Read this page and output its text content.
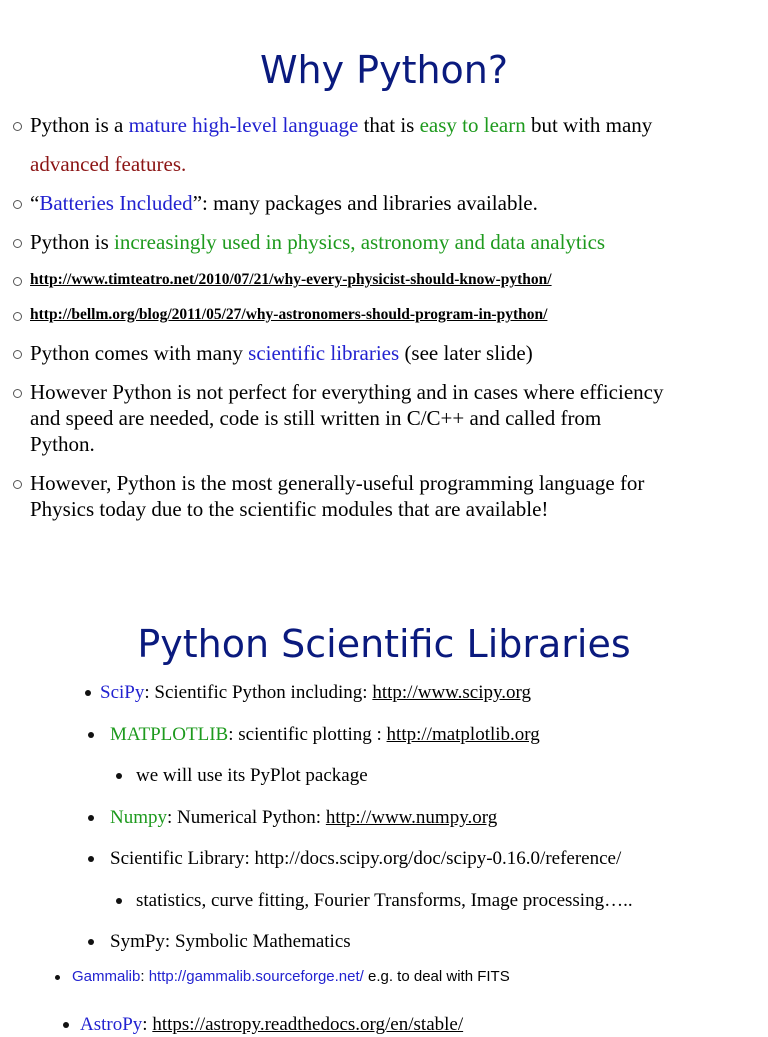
Why Python?
Python is a mature high-level language that is easy to learn but with many
advanced features.
“Batteries Included”: many packages and libraries available.
Python is increasingly used in physics, astronomy and data analytics
http://www.timteatro.net/2010/07/21/why-every-physicist-should-know-python/
http://bellm.org/blog/2011/05/27/why-astronomers-should-program-in-python/
Python comes with many scientific libraries (see later slide)
However Python is not perfect for everything and in cases where efficiency
and speed are needed, code is still written in C/C++ and called from
Python.
However, Python is the most generally-useful programming language for
Physics today due to the scientific modules that are available!
Python Scientific Libraries
SciPy: Scientific Python including: http://www.scipy.org
MATPLOTLIB: scientific plotting : http://matplotlib.org
we will use its PyPlot package
Numpy: Numerical Python: http://www.numpy.org
Scientific Library: http://docs.scipy.org/doc/scipy-0.16.0/reference/
statistics, curve fitting, Fourier Transforms, Image processing…..
SymPy: Symbolic Mathematics
Gammalib: http://gammalib.sourceforge.net/ e.g. to deal with FITS
AstroPy: https://astropy.readthedocs.org/en/stable/
